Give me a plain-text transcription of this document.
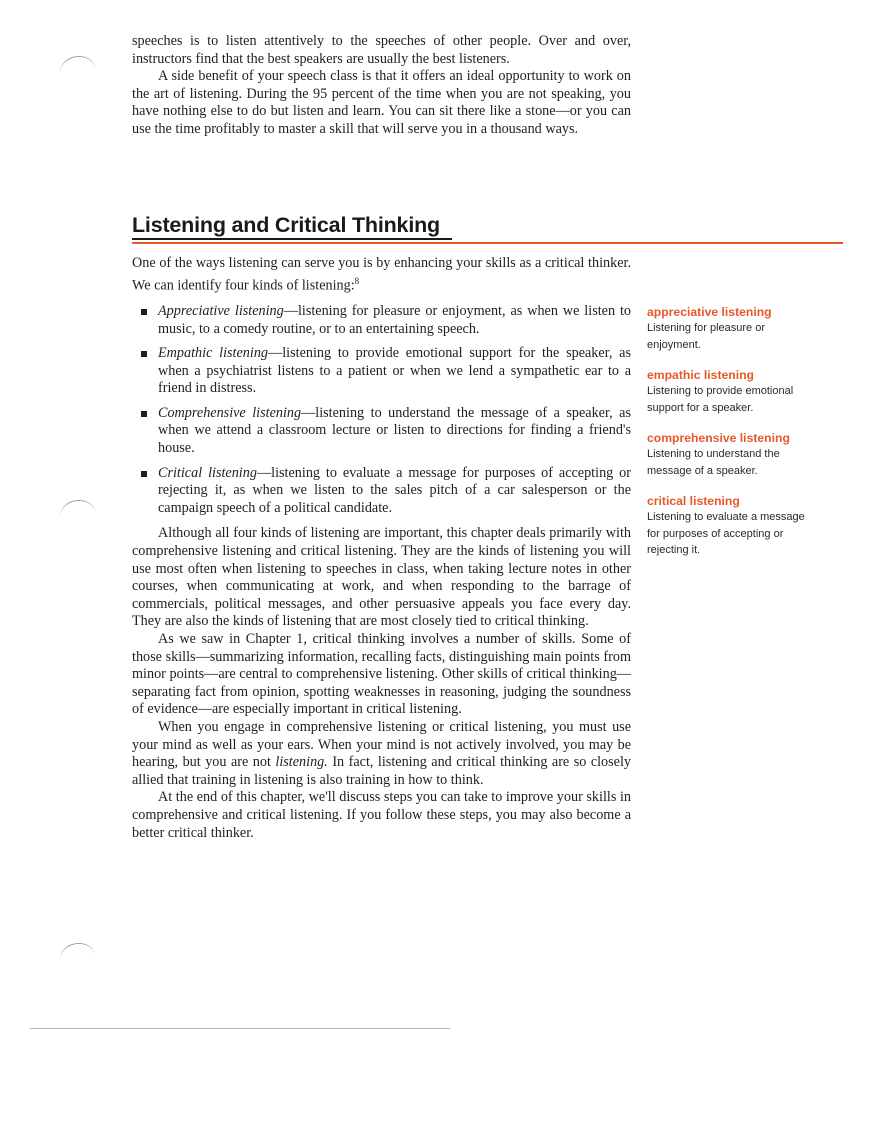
speeches is to listen attentively to the speeches of other people. Over and over, instructors find that the best speakers are usually the best listeners.

A side benefit of your speech class is that it offers an ideal opportunity to work on the art of listening. During the 95 percent of the time when you are not speaking, you have nothing else to do but listen and learn. You can sit there like a stone—or you can use the time profitably to master a skill that will serve you in a thousand ways.

Listening and Critical Thinking

One of the ways listening can serve you is by enhancing your skills as a critical thinker. We can identify four kinds of listening:$^8$

Appreciative listening—listening for pleasure or enjoyment, as when we listen to music, to a comedy routine, or to an entertaining speech.
Empathic listening—listening to provide emotional support for the speaker, as when a psychiatrist listens to a patient or when we lend a sympathetic ear to a friend in distress.
Comprehensive listening—listening to understand the message of a speaker, as when we attend a classroom lecture or listen to directions for finding a friend's house.
Critical listening—listening to evaluate a message for purposes of accepting or rejecting it, as when we listen to the sales pitch of a car salesperson or the campaign speech of a political candidate.

Although all four kinds of listening are important, this chapter deals primarily with comprehensive listening and critical listening. They are the kinds of listening you will use most often when listening to speeches in class, when taking lecture notes in other courses, when communicating at work, and when responding to the barrage of commercials, political messages, and other persuasive appeals you face every day. They are also the kinds of listening that are most closely tied to critical thinking.

As we saw in Chapter 1, critical thinking involves a number of skills. Some of those skills—summarizing information, recalling facts, distinguishing main points from minor points—are central to comprehensive listening. Other skills of critical thinking—separating fact from opinion, spotting weaknesses in reasoning, judging the soundness of evidence—are especially important in critical listening.

When you engage in comprehensive listening or critical listening, you must use your mind as well as your ears. When your mind is not actively involved, you may be hearing, but you are not listening. In fact, listening and critical thinking are so closely allied that training in listening is also training in how to think.

At the end of this chapter, we'll discuss steps you can take to improve your skills in comprehensive and critical listening. If you follow these steps, you may also become a better critical thinker.

appreciative listening

Listening for pleasure or enjoyment.

empathic listening

Listening to provide emotional support for a speaker.

comprehensive listening

Listening to understand the message of a speaker.

critical listening

Listening to evaluate a message for purposes of accepting or rejecting it.
